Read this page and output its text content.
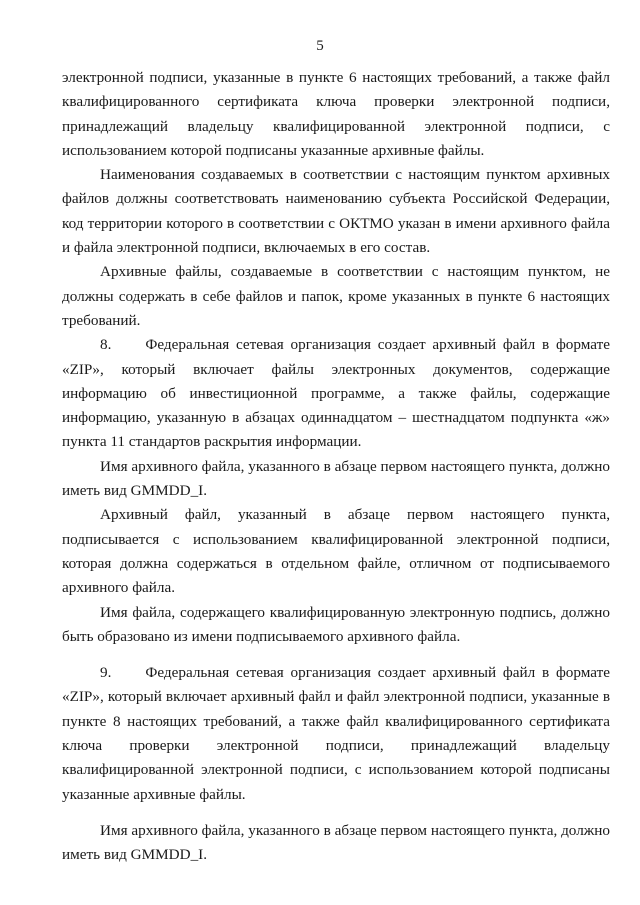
5

электронной подписи, указанные в пункте 6 настоящих требований, а также файл квалифицированного сертификата ключа проверки электронной подписи, принадлежащий владельцу квалифицированной электронной подписи, с использованием которой подписаны указанные архивные файлы.

Наименования создаваемых в соответствии с настоящим пунктом архивных файлов должны соответствовать наименованию субъекта Российской Федерации, код территории которого в соответствии с ОКТМО указан в имени архивного файла и файла электронной подписи, включаемых в его состав.

Архивные файлы, создаваемые в соответствии с настоящим пунктом, не должны содержать в себе файлов и папок, кроме указанных в пункте 6 настоящих требований.

8.     Федеральная сетевая организация создает архивный файл в формате «ZIP», который включает файлы электронных документов, содержащие информацию об инвестиционной программе, а также файлы, содержащие информацию, указанную в абзацах одиннадцатом – шестнадцатом подпункта «ж» пункта 11 стандартов раскрытия информации.

Имя архивного файла, указанного в абзаце первом настоящего пункта, должно иметь вид GMMDD_I.

Архивный файл, указанный в абзаце первом настоящего пункта, подписывается с использованием квалифицированной электронной подписи, которая должна содержаться в отдельном файле, отличном от подписываемого архивного файла.

Имя файла, содержащего квалифицированную электронную подпись, должно быть образовано из имени подписываемого архивного файла.

9.     Федеральная сетевая организация создает архивный файл в формате «ZIP», который включает архивный файл и файл электронной подписи, указанные в пункте 8 настоящих требований, а также файл квалифицированного сертификата ключа проверки электронной подписи, принадлежащий владельцу квалифицированной электронной подписи, с использованием которой подписаны указанные архивные файлы.

Имя архивного файла, указанного в абзаце первом настоящего пункта, должно иметь вид GMMDD_I.
